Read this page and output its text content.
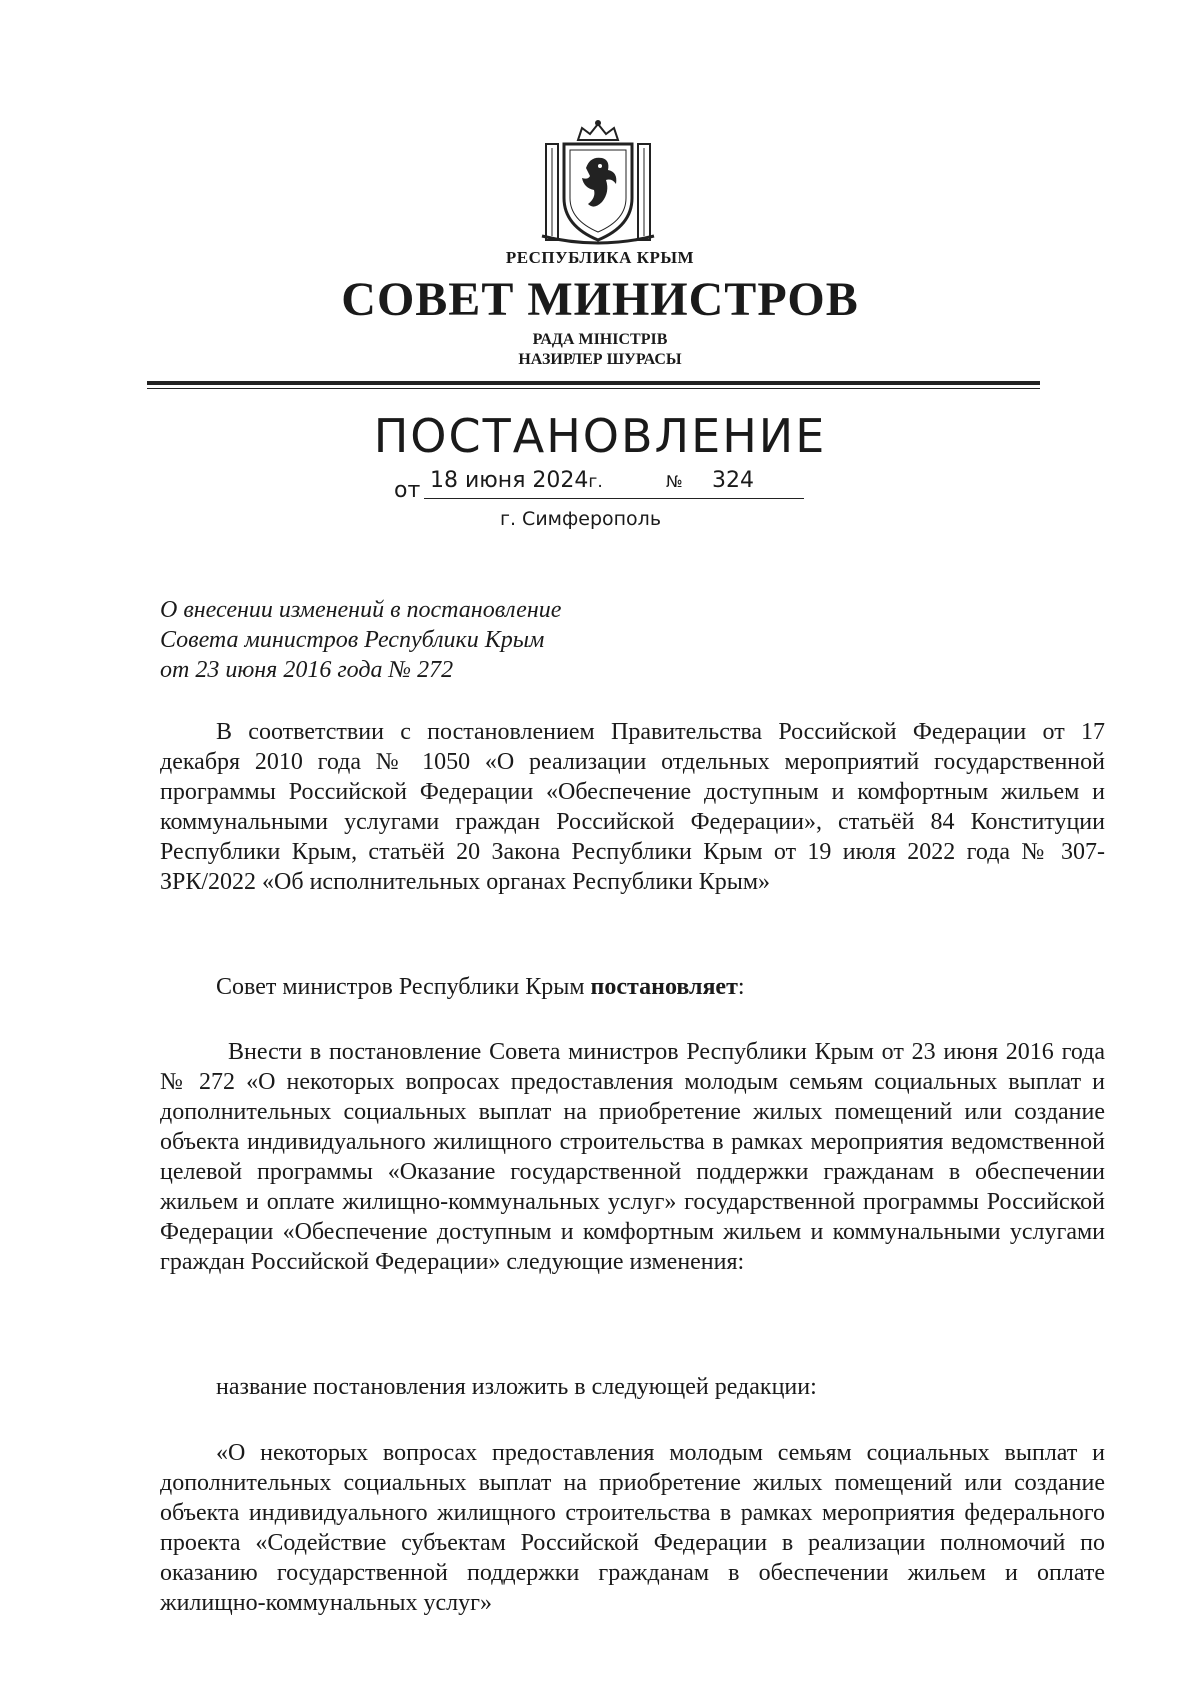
РЕСПУБЛИКА КРЫМ
СОВЕТ МИНИСТРОВ
РАДА МІНІСТРІВ
НАЗИРЛЕР ШУРАСЫ
ПОСТАНОВЛЕНИЕ
от 18 июня 2024г.	№ 324
г. Симферополь
О внесении изменений в постановление
Совета министров Республики Крым
от 23 июня 2016 года № 272
В соответствии с постановлением Правительства Российской Федерации от 17 декабря 2010 года № 1050 «О реализации отдельных мероприятий государственной программы Российской Федерации «Обеспечение доступным и комфортным жильем и коммунальными услугами граждан Российской Федерации», статьёй 84 Конституции Республики Крым, статьёй 20 Закона Республики Крым от 19 июля 2022 года № 307-ЗРК/2022 «Об исполнительных органах Республики Крым»
Совет министров Республики Крым постановляет:
Внести в постановление Совета министров Республики Крым от 23 июня 2016 года № 272 «О некоторых вопросах предоставления молодым семьям социальных выплат и дополнительных социальных выплат на приобретение жилых помещений или создание объекта индивидуального жилищного строительства в рамках мероприятия ведомственной целевой программы «Оказание государственной поддержки гражданам в обеспечении жильем и оплате жилищно-коммунальных услуг» государственной программы Российской Федерации «Обеспечение доступным и комфортным жильем и коммунальными услугами граждан Российской Федерации» следующие изменения:
название постановления изложить в следующей редакции:
«О некоторых вопросах предоставления молодым семьям социальных выплат и дополнительных социальных выплат на приобретение жилых помещений или создание объекта индивидуального жилищного строительства в рамках мероприятия федерального проекта «Содействие субъектам Российской Федерации в реализации полномочий по оказанию государственной поддержки гражданам в обеспечении жильем и оплате жилищно-коммунальных услуг»
